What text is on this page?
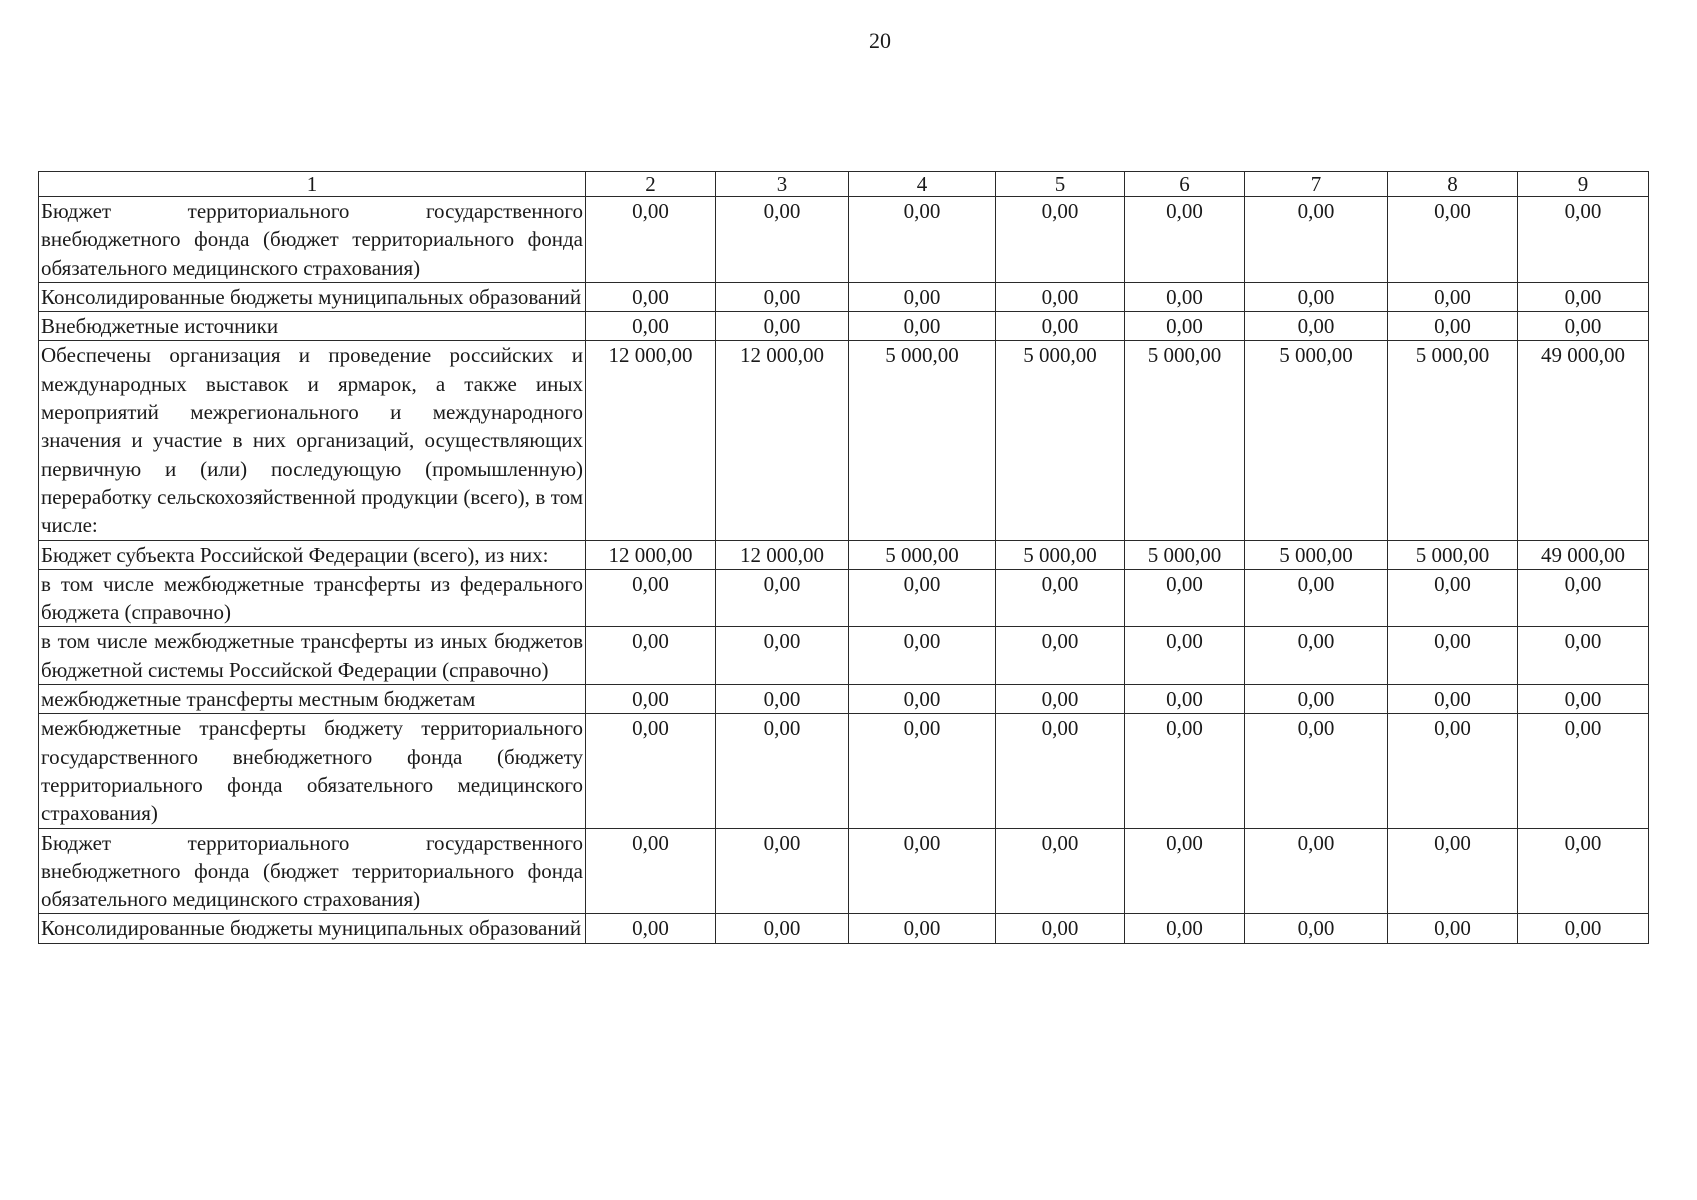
20
1	2	3	4	5	6	7	8	9
Бюджет территориального государственного внебюджетного фонда (бюджет территориального фонда обязательного медицинского страхования)	0,00	0,00	0,00	0,00	0,00	0,00	0,00	0,00
Консолидированные бюджеты муниципальных образований	0,00	0,00	0,00	0,00	0,00	0,00	0,00	0,00
Внебюджетные источники	0,00	0,00	0,00	0,00	0,00	0,00	0,00	0,00
Обеспечены организация и проведение российских и международных выставок и ярмарок, а также иных мероприятий межрегионального и международного значения и участие в них организаций, осуществляющих первичную и (или) последующую (промышленную) переработку сельскохозяйственной продукции (всего), в том числе:	12 000,00	12 000,00	5 000,00	5 000,00	5 000,00	5 000,00	5 000,00	49 000,00
Бюджет субъекта Российской Федерации (всего), из них:	12 000,00	12 000,00	5 000,00	5 000,00	5 000,00	5 000,00	5 000,00	49 000,00
в том числе межбюджетные трансферты из федерального бюджета (справочно)	0,00	0,00	0,00	0,00	0,00	0,00	0,00	0,00
в том числе межбюджетные трансферты из иных бюджетов бюджетной системы Российской Федерации (справочно)	0,00	0,00	0,00	0,00	0,00	0,00	0,00	0,00
межбюджетные трансферты местным бюджетам	0,00	0,00	0,00	0,00	0,00	0,00	0,00	0,00
межбюджетные трансферты бюджету территориального государственного внебюджетного фонда (бюджету территориального фонда обязательного медицинского страхования)	0,00	0,00	0,00	0,00	0,00	0,00	0,00	0,00
Бюджет территориального государственного внебюджетного фонда (бюджет территориального фонда обязательного медицинского страхования)	0,00	0,00	0,00	0,00	0,00	0,00	0,00	0,00
Консолидированные бюджеты муниципальных образований	0,00	0,00	0,00	0,00	0,00	0,00	0,00	0,00
